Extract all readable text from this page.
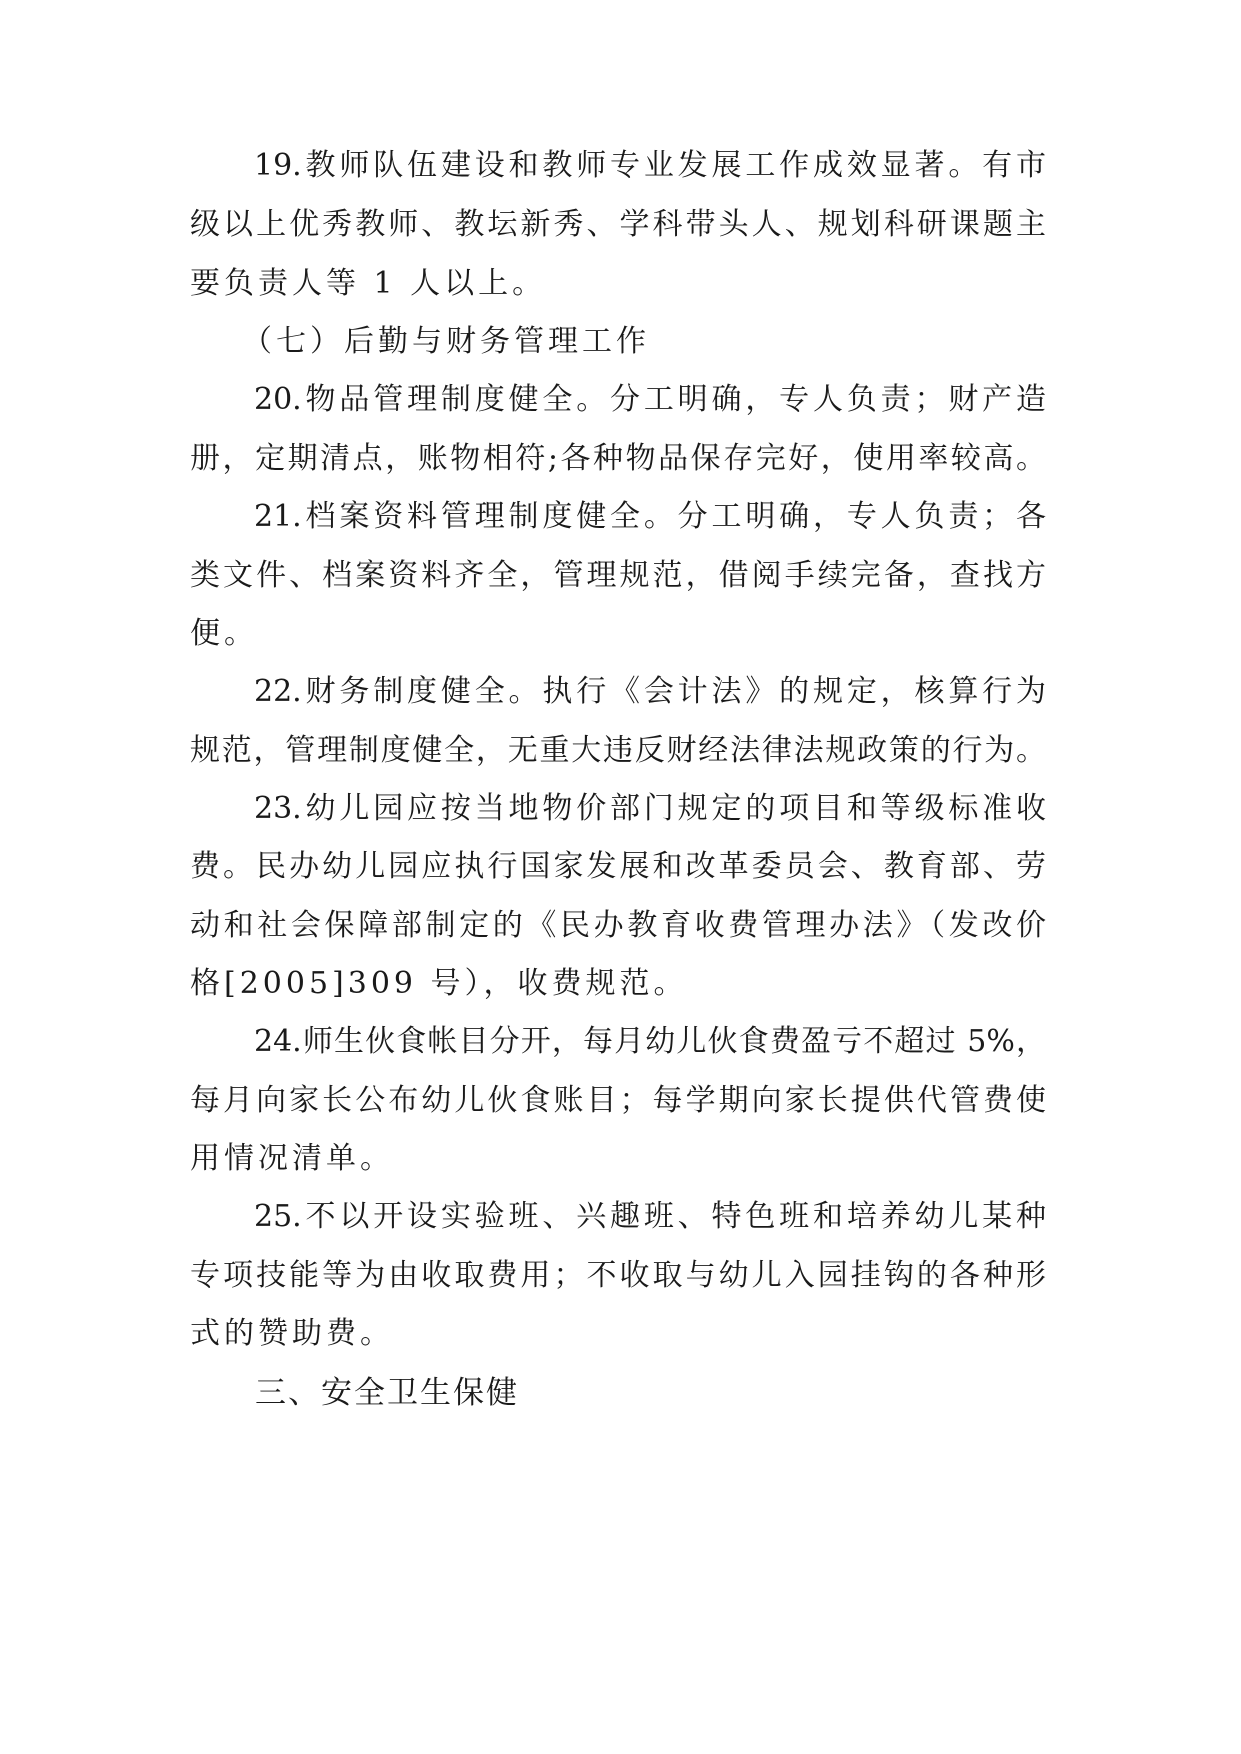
19.教师队伍建设和教师专业发展工作成效显著。有市
级以上优秀教师、教坛新秀、学科带头人、规划科研课题主
要负责人等 1 人以上。
（七）后勤与财务管理工作
20.物品管理制度健全。分工明确，专人负责；财产造
册，定期清点，账物相符;各种物品保存完好，使用率较高。
21.档案资料管理制度健全。分工明确，专人负责；各
类文件、档案资料齐全，管理规范，借阅手续完备，查找方
便。
22.财务制度健全。执行《会计法》的规定，核算行为
规范，管理制度健全，无重大违反财经法律法规政策的行为。
23.幼儿园应按当地物价部门规定的项目和等级标准收
费。民办幼儿园应执行国家发展和改革委员会、教育部、劳
动和社会保障部制定的《民办教育收费管理办法》（发改价
格[2005]309 号），收费规范。
24.师生伙食帐目分开，每月幼儿伙食费盈亏不超过 5%，
每月向家长公布幼儿伙食账目；每学期向家长提供代管费使
用情况清单。
25.不以开设实验班、兴趣班、特色班和培养幼儿某种
专项技能等为由收取费用；不收取与幼儿入园挂钩的各种形
式的赞助费。
三、安全卫生保健
